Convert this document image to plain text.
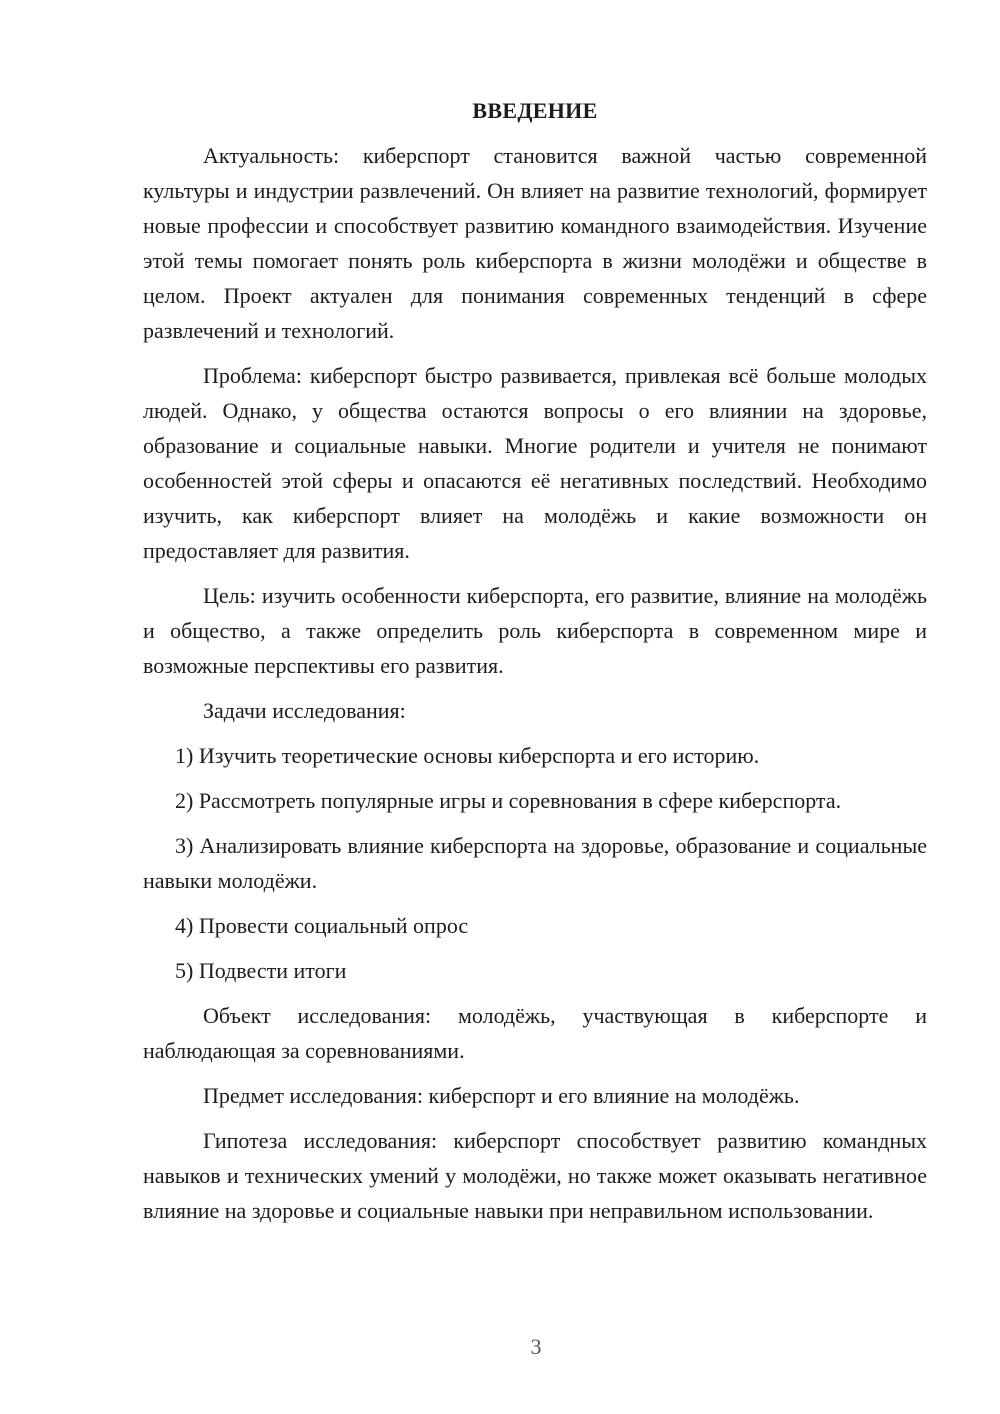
ВВЕДЕНИЕ

Актуальность: киберспорт становится важной частью современной культуры и индустрии развлечений. Он влияет на развитие технологий, формирует новые профессии и способствует развитию командного взаимодействия. Изучение этой темы помогает понять роль киберспорта в жизни молодёжи и обществе в целом. Проект актуален для понимания современных тенденций в сфере развлечений и технологий.

Проблема: киберспорт быстро развивается, привлекая всё больше молодых людей. Однако, у общества остаются вопросы о его влиянии на здоровье, образование и социальные навыки. Многие родители и учителя не понимают особенностей этой сферы и опасаются её негативных последствий. Необходимо изучить, как киберспорт влияет на молодёжь и какие возможности он предоставляет для развития.

Цель: изучить особенности киберспорта, его развитие, влияние на молодёжь и общество, а также определить роль киберспорта в современном мире и возможные перспективы его развития.

Задачи исследования:

1) Изучить теоретические основы киберспорта и его историю.

2) Рассмотреть популярные игры и соревнования в сфере киберспорта.

3) Анализировать влияние киберспорта на здоровье, образование и социальные навыки молодёжи.

4) Провести социальный опрос

5) Подвести итоги

Объект исследования: молодёжь, участвующая в киберспорте и наблюдающая за соревнованиями.

Предмет исследования: киберспорт и его влияние на молодёжь.

Гипотеза исследования: киберспорт способствует развитию командных навыков и технических умений у молодёжи, но также может оказывать негативное влияние на здоровье и социальные навыки при неправильном использовании.

3
